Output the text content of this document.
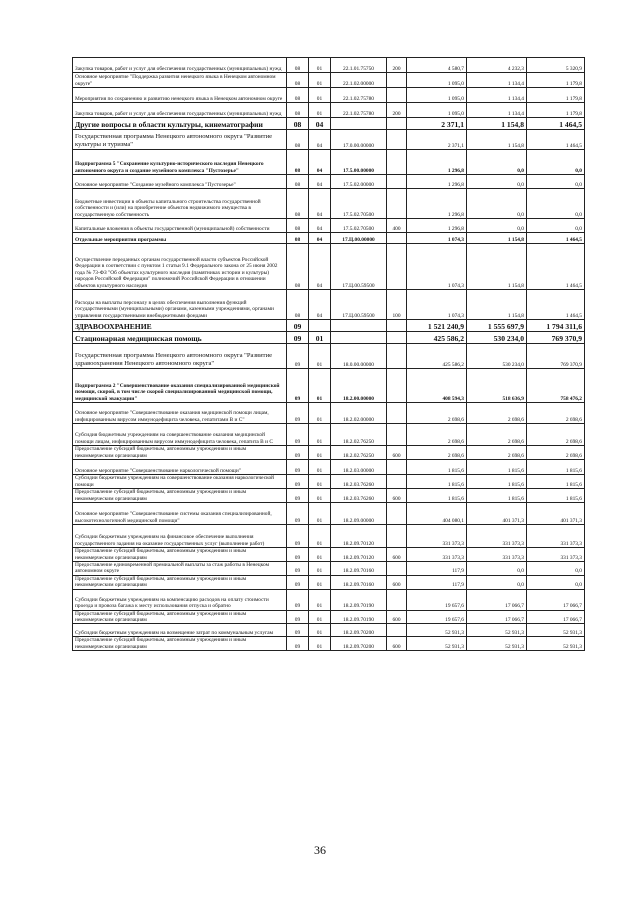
Закупка товаров, работ и услуг для обеспечения государственных (муниципальных) нужд	08	01	22.1.01.75750	200	4 580,7	4 232,3	5 320,9
Основное мероприятие "Поддержка развития ненецкого языка в Ненецком автономном округе"	08	01	22.1.02.00000		1 095,0	1 134,4	1 179,8
Мероприятия по сохранению и развитию ненецкого языка в Ненецком автономном округе	08	01	22.1.02.75780		1 095,0	1 134,4	1 179,8
Закупка товаров, работ и услуг для обеспечения государственных (муниципальных) нужд	08	01	22.1.02.75780	200	1 095,0	1 134,4	1 179,8
Другие вопросы в области культуры, кинематографии	08	04			2 371,1	1 154,8	1 464,5
Государственная программа Ненецкого автономного округа "Развитие культуры и туризма"	08	04	17.0.00.00000		2 371,1	1 154,8	1 464,5
Подпрограмма 5 "Сохранение культурно-исторического наследия Ненецкого автономного округа и создание музейного комплекса "Пустозерье"	08	04	17.5.00.00000		1 296,8	0,0	0,0
Основное мероприятие "Создание музейного комплекса "Пустозерье"	08	04	17.5.02.00000		1 296,8	0,0	0,0
Бюджетные инвестиции в объекты капитального строительства государственной собственности и (или) на приобретение объектов недвижимого имущества в государственную собственность	08	04	17.5.02.70500		1 296,8	0,0	0,0
Капитальные вложения в объекты государственной (муниципальной) собственности	08	04	17.5.02.70500	400	1 296,8	0,0	0,0
Отдельные мероприятия программы	08	04	17.Ц.00.00000		1 074,3	1 154,8	1 464,5
Осуществление переданных органам государственной власти субъектов Российской Федерации в соответствии с пунктом 1 статьи 9.1 Федерального закона от 25 июня 2002 года № 73-ФЗ "Об объектах культурного наследия (памятниках истории и культуры) народов Российской Федерации" полномочий Российской Федерации в отношении объектов культурного наследия	08	04	17.Ц.00.59500		1 074,3	1 154,8	1 464,5
Расходы на выплаты персоналу в целях обеспечения выполнения функций государственными (муниципальными) органами, казенными учреждениями, органами управления государственными внебюджетными фондами	08	04	17.Ц.00.59500	100	1 074,3	1 154,8	1 464,5
ЗДРАВООХРАНЕНИЕ	09				1 521 240,9	1 555 697,9	1 794 311,6
Стационарная медицинская помощь	09	01			425 586,2	530 234,0	769 370,9
Государственная программа Ненецкого автономного округа "Развитие здравоохранения Ненецкого автономного округа"	09	01	18.0.00.00000		425 586,2	530 234,0	769 370,9
Подпрограмма 2 "Совершенствование оказания специализированной медицинской помощи, скорой, в том числе скорой специализированной медицинской помощи, медицинской эвакуации"	09	01	18.2.00.00000		408 594,3	518 636,9	758 476,2
Основное мероприятие "Совершенствование оказания медицинской помощи лицам, инфицированным вирусом иммунодефицита человека, гепатитами B и C"	09	01	18.2.02.00000		2 698,6	2 698,6	2 698,6
Субсидия бюджетным учреждениям на совершенствование оказания медицинской помощи лицам, инфицированным вирусом иммунодефицита человека, гепатита B и C	09	01	18.2.02.76250		2 698,6	2 698,6	2 698,6
Предоставление субсидий бюджетным, автономным учреждениям и иным некоммерческим организациям	09	01	18.2.02.76250	600	2 698,6	2 698,6	2 698,6
Основное мероприятие "Совершенствование наркологической помощи"	09	01	18.2.03.00000		1 815,6	1 815,6	1 815,6
Субсидии бюджетным учреждениям на совершенствование оказания наркологической помощи	09	01	18.2.03.76260		1 815,6	1 815,6	1 815,6
Предоставление субсидий бюджетным, автономным учреждениям и иным некоммерческим организациям	09	01	18.2.03.76260	600	1 815,6	1 815,6	1 815,6
Основное мероприятие "Совершенствование системы оказания специализированной, высокотехнологичной медицинской помощи"	09	01	18.2.09.00000		404 080,1	401 371,3	401 371,3
Субсидии бюджетным учреждениям на финансовое обеспечение выполнения государственного задания на оказание государственных услуг (выполнение работ)	09	01	18.2.09.70120		331 373,3	331 373,3	331 373,3
Предоставление субсидий бюджетным, автономным учреждениям и иным некоммерческим организациям	09	01	18.2.09.70120	600	331 373,3	331 373,3	331 373,3
Предоставление единовременной премиальной выплаты за стаж работы в Ненецком автономном округе	09	01	18.2.09.70160		117,9	0,0	0,0
Предоставление субсидий бюджетным, автономным учреждениям и иным некоммерческим организациям	09	01	18.2.09.70160	600	117,9	0,0	0,0
Субсидии бюджетным учреждениям на компенсацию расходов на оплату стоимости проезда и провоза багажа к месту использования отпуска и обратно	09	01	18.2.09.70190		19 657,6	17 066,7	17 066,7
Предоставление субсидий бюджетным, автономным учреждениям и иным некоммерческим организациям	09	01	18.2.09.70190	600	19 657,6	17 066,7	17 066,7
Субсидии бюджетным учреждениям на возмещение затрат по коммунальным услугам	09	01	18.2.09.70200		52 931,3	52 931,3	52 931,3
Предоставление субсидий бюджетным, автономным учреждениям и иным некоммерческим организациям	09	01	18.2.09.70200	600	52 931,3	52 931,3	52 931,3
36
